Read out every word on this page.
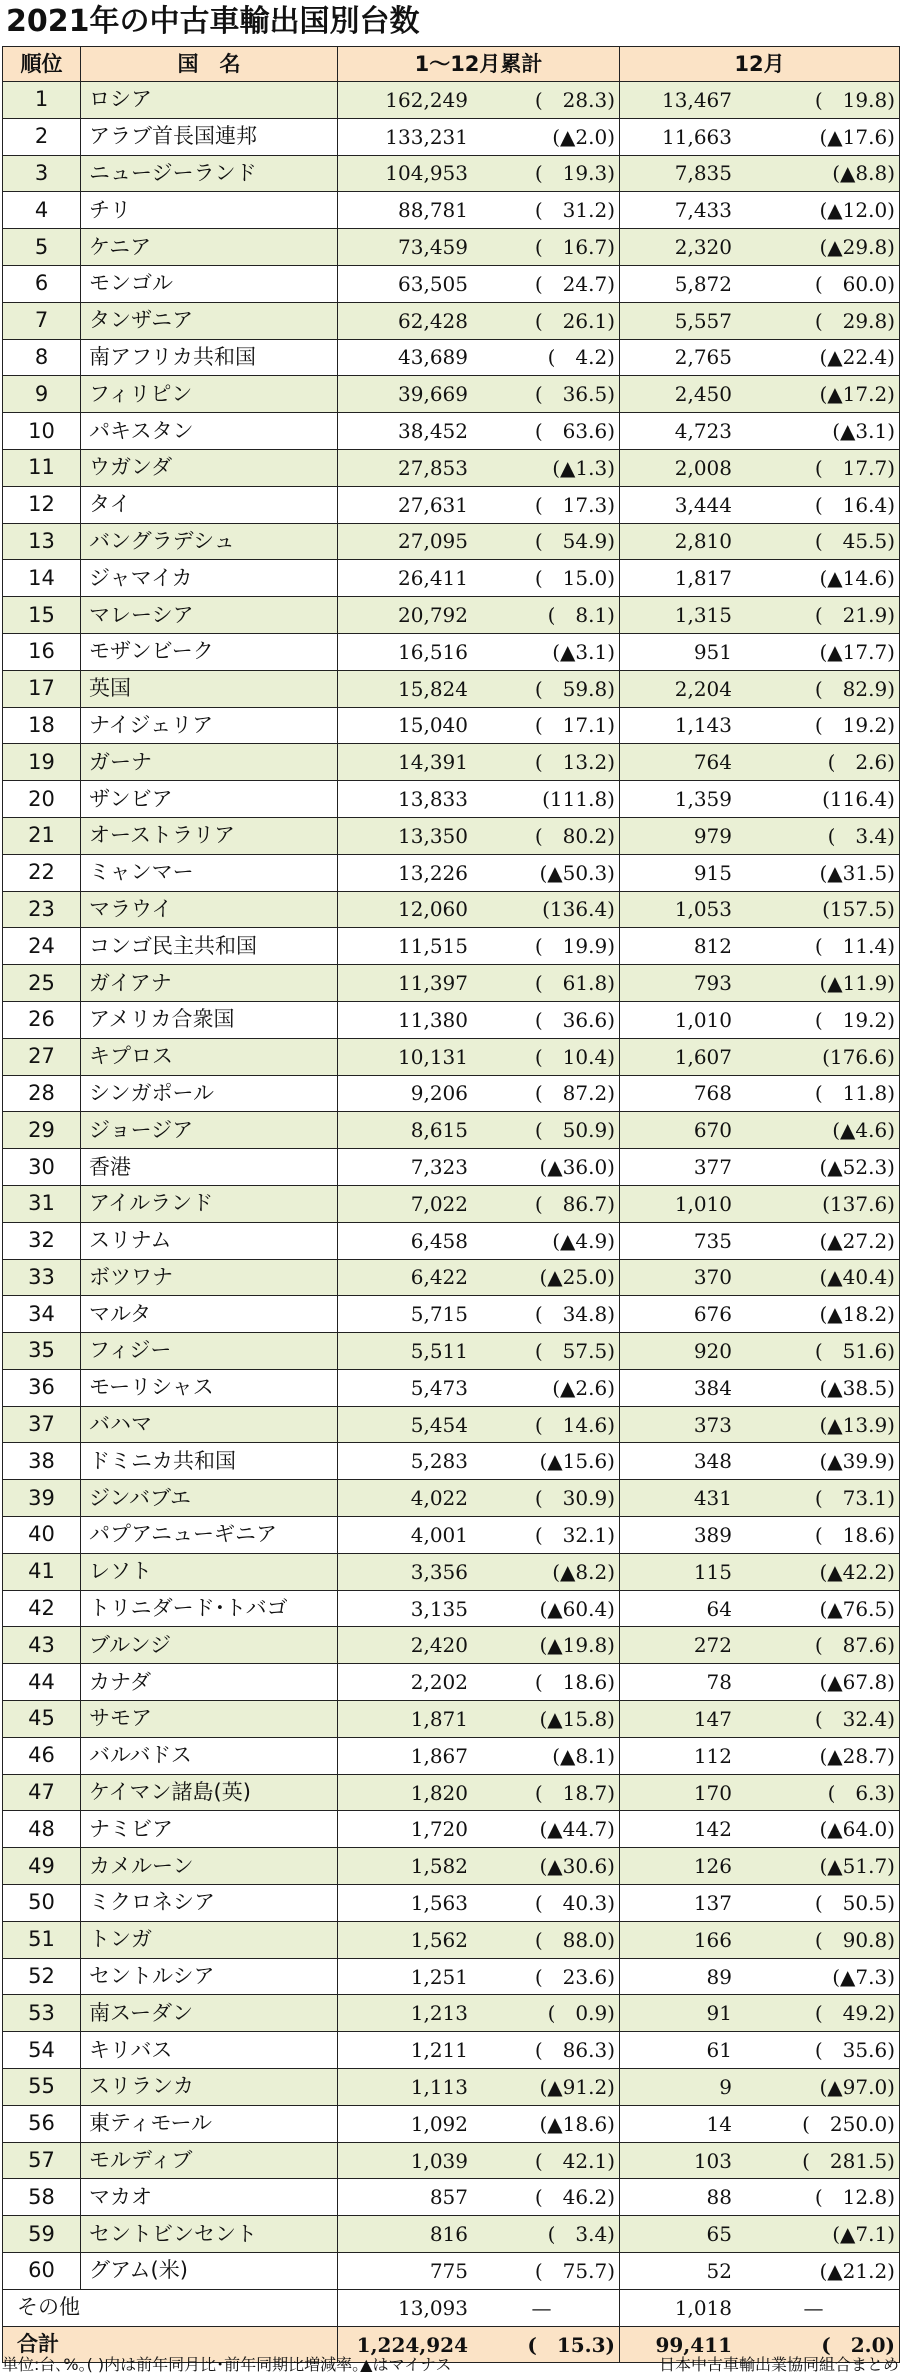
2021年の中古車輸出国別台数
順位	国　名	1～12月累計	12月
1	ロシア	162,249 (　28.3)	13,467 (　19.8)

2	アラブ首長国連邦	133,231 (▲2.0)	11,663 (▲17.6)

3	ニュージーランド	104,953 (　19.3)	7,835 (▲8.8)

4	チリ	88,781 (　31.2)	7,433 (▲12.0)

5	ケニア	73,459 (　16.7)	2,320 (▲29.8)

6	モンゴル	63,505 (　24.7)	5,872 (　60.0)

7	タンザニア	62,428 (　26.1)	5,557 (　29.8)

8	南アフリカ共和国	43,689 (　4.2)	2,765 (▲22.4)

9	フィリピン	39,669 (　36.5)	2,450 (▲17.2)

10	パキスタン	38,452 (　63.6)	4,723 (▲3.1)

11	ウガンダ	27,853 (▲1.3)	2,008 (　17.7)

12	タイ	27,631 (　17.3)	3,444 (　16.4)

13	バングラデシュ	27,095 (　54.9)	2,810 (　45.5)

14	ジャマイカ	26,411 (　15.0)	1,817 (▲14.6)

15	マレーシア	20,792 (　8.1)	1,315 (　21.9)

16	モザンビーク	16,516 (▲3.1)	951 (▲17.7)

17	英国	15,824 (　59.8)	2,204 (　82.9)

18	ナイジェリア	15,040 (　17.1)	1,143 (　19.2)

19	ガーナ	14,391 (　13.2)	764 (　2.6)

20	ザンビア	13,833 (111.8)	1,359 (116.4)

21	オーストラリア	13,350 (　80.2)	979 (　3.4)

22	ミャンマー	13,226 (▲50.3)	915 (▲31.5)

23	マラウイ	12,060 (136.4)	1,053 (157.5)

24	コンゴ民主共和国	11,515 (　19.9)	812 (　11.4)

25	ガイアナ	11,397 (　61.8)	793 (▲11.9)

26	アメリカ合衆国	11,380 (　36.6)	1,010 (　19.2)

27	キプロス	10,131 (　10.4)	1,607 (176.6)

28	シンガポール	9,206 (　87.2)	768 (　11.8)

29	ジョージア	8,615 (　50.9)	670 (▲4.6)

30	香港	7,323 (▲36.0)	377 (▲52.3)

31	アイルランド	7,022 (　86.7)	1,010 (137.6)

32	スリナム	6,458 (▲4.9)	735 (▲27.2)

33	ボツワナ	6,422 (▲25.0)	370 (▲40.4)

34	マルタ	5,715 (　34.8)	676 (▲18.2)

35	フィジー	5,511 (　57.5)	920 (　51.6)

36	モーリシャス	5,473 (▲2.6)	384 (▲38.5)

37	バハマ	5,454 (　14.6)	373 (▲13.9)

38	ドミニカ共和国	5,283 (▲15.6)	348 (▲39.9)

39	ジンバブエ	4,022 (　30.9)	431 (　73.1)

40	パプアニューギニア	4,001 (　32.1)	389 (　18.6)

41	レソト	3,356 (▲8.2)	115 (▲42.2)

42	トリニダード･トバゴ	3,135 (▲60.4)	64 (▲76.5)

43	ブルンジ	2,420 (▲19.8)	272 (　87.6)

44	カナダ	2,202 (　18.6)	78 (▲67.8)

45	サモア	1,871 (▲15.8)	147 (　32.4)

46	バルバドス	1,867 (▲8.1)	112 (▲28.7)

47	ケイマン諸島(英)	1,820 (　18.7)	170 (　6.3)

48	ナミビア	1,720 (▲44.7)	142 (▲64.0)

49	カメルーン	1,582 (▲30.6)	126 (▲51.7)

50	ミクロネシア	1,563 (　40.3)	137 (　50.5)

51	トンガ	1,562 (　88.0)	166 (　90.8)

52	セントルシア	1,251 (　23.6)	89 (▲7.3)

53	南スーダン	1,213 (　0.9)	91 (　49.2)

54	キリバス	1,211 (　86.3)	61 (　35.6)

55	スリランカ	1,113 (▲91.2)	9 (▲97.0)

56	東ティモール	1,092 (▲18.6)	14 (　250.0)

57	モルディブ	1,039 (　42.1)	103 (　281.5)

58	マカオ	857 (　46.2)	88 (　12.8)

59	セントビンセント	816 (　3.4)	65 (▲7.1)

60	グアム(米)	775 (　75.7)	52 (▲21.2)

その他		13,093 —	1,018 —

合計		1,224,924 (　15.3)	99,411 (　2.0)
単位:台､%｡( )内は前年同月比･前年同期比増減率｡▲はマイナス	日本中古車輸出業協同組合まとめ
